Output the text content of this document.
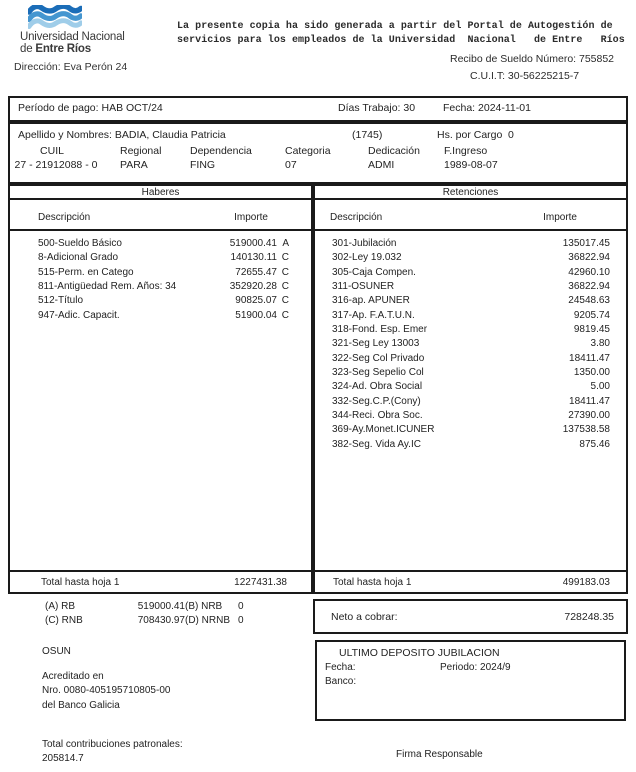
Universidad Nacional
de Entre Ríos
Dirección: Eva Perón 24
La presente copia ha sido generada a partir del Portal de Autogestión de
servicios para los empleados de la Universidad  Nacional   de Entre   Ríos
Recibo de Sueldo Número: 755852
C.U.I.T: 30-56225215-7
Período de pago: HAB OCT/24	Días Trabajo: 30	Fecha: 2024-11-01
Apellido y Nombres: BADIA, Claudia Patricia	(1745)	Hs. por Cargo 0
CUIL	Regional	Dependencia	Categoria	Dedicación F.Ingreso
27 - 21912088 - 0	PARA	FING	07	ADMI	1989-08-07
Haberes
Descripción	Importe
500-Sueldo Básico	519000.41 A
8-Adicional Grado	140130.11 C
515-Perm. en Catego	72655.47 C
811-Antigüedad Rem. Años: 34	352920.28 C
512-Título	90825.07 C
947-Adic. Capacit.	51900.04 C
Total hasta hoja 1	1227431.38
Retenciones
Descripción	Importe
301-Jubilación	135017.45
302-Ley 19.032	36822.94
305-Caja Compen.	42960.10
311-OSUNER	36822.94
316-ap. APUNER	24548.63
317-Ap. F.A.T.U.N.	9205.74
318-Fond. Esp. Emer	9819.45
321-Seg Ley 13003	3.80
322-Seg Col Privado	18411.47
323-Seg Sepelio Col	1350.00
324-Ad. Obra Social	5.00
332-Seg.C.P.(Cony)	18411.47
344-Reci. Obra Soc.	27390.00
369-Ay.Monet.ICUNER	137538.58
382-Seg. Vida Ay.IC	875.46
Total hasta hoja 1	499183.03
(A) RB	519000.41 (B) NRB	0
(C) RNB	708430.97 (D) NRNB 0	Neto a cobrar:	728248.35
OSUN
Acreditado en
Nro. 0080-405195710805-00
del Banco Galicia
Total contribuciones patronales:
205814.7
ULTIMO DEPOSITO JUBILACION
Fecha:	Periodo: 2024/9
Banco:
Firma Responsable
